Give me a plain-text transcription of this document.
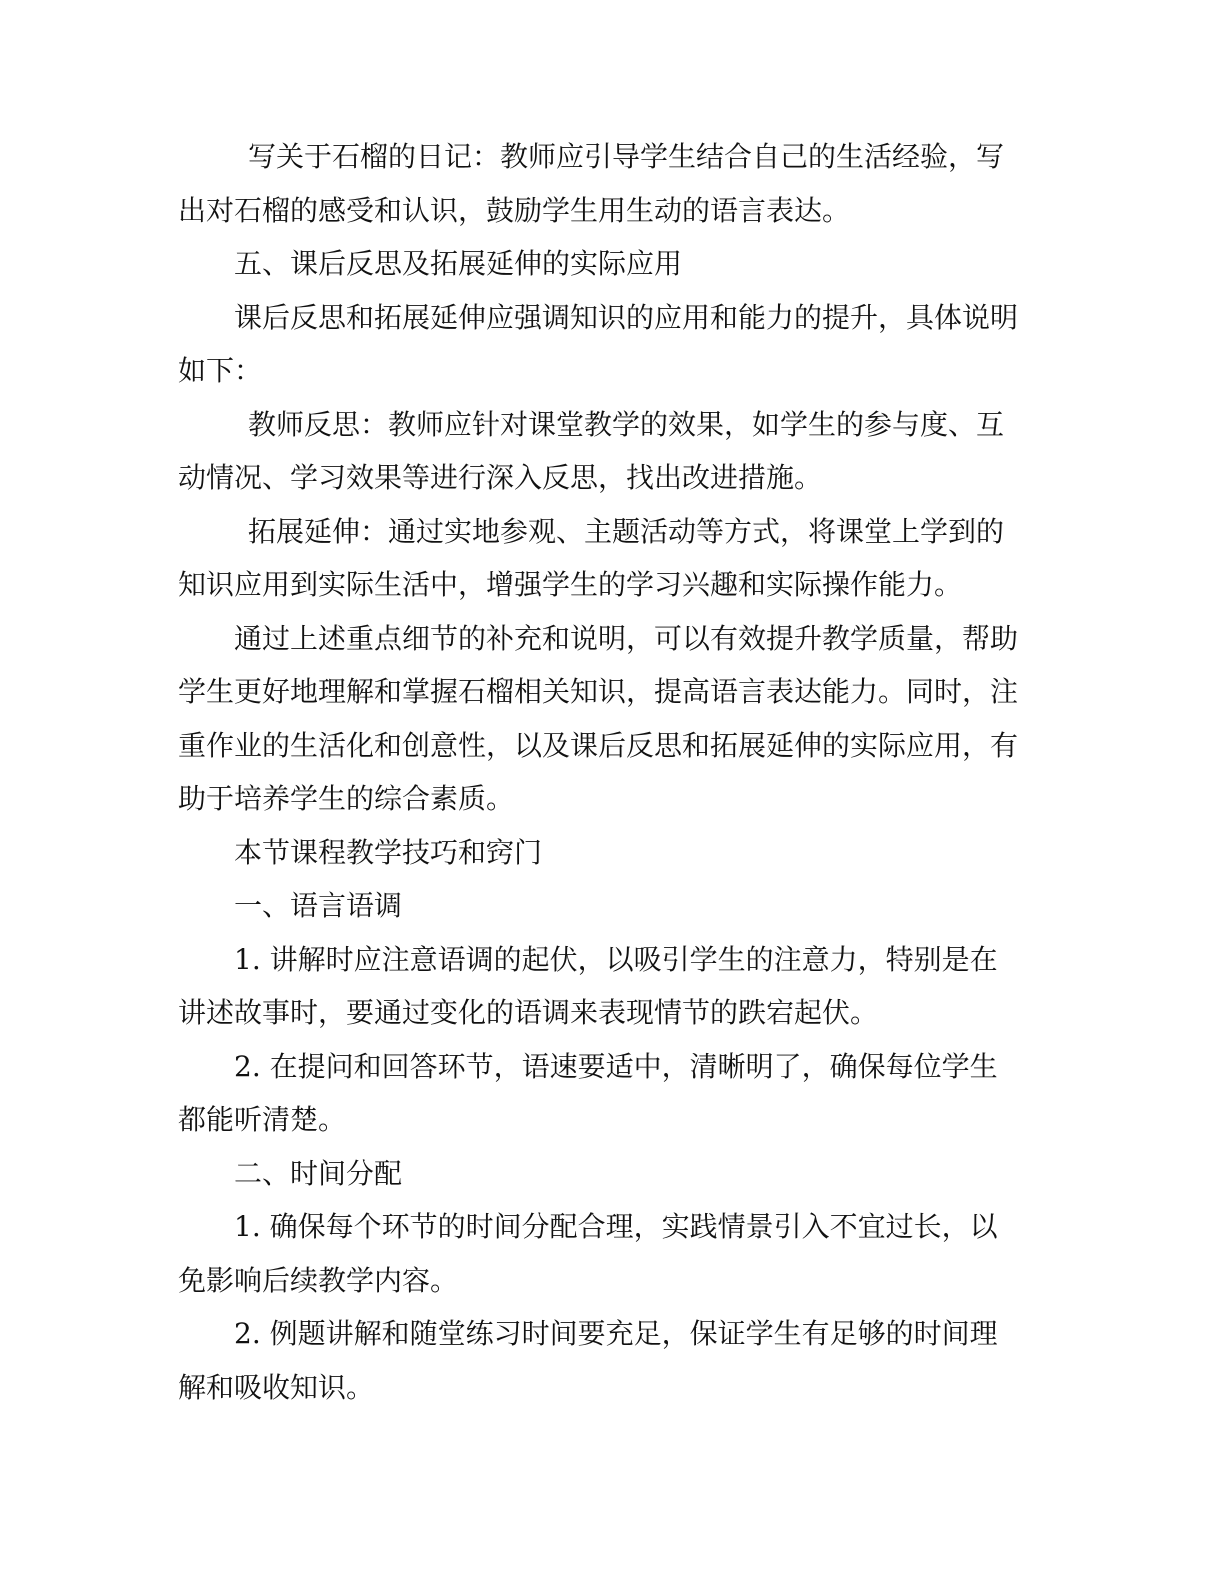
写关于石榴的日记：教师应引导学生结合自己的生活经验，写出对石榴的感受和认识，鼓励学生用生动的语言表达。

五、课后反思及拓展延伸的实际应用

课后反思和拓展延伸应强调知识的应用和能力的提升，具体说明如下：

教师反思：教师应针对课堂教学的效果，如学生的参与度、互动情况、学习效果等进行深入反思，找出改进措施。

拓展延伸：通过实地参观、主题活动等方式，将课堂上学到的知识应用到实际生活中，增强学生的学习兴趣和实际操作能力。

通过上述重点细节的补充和说明，可以有效提升教学质量，帮助学生更好地理解和掌握石榴相关知识，提高语言表达能力。同时，注重作业的生活化和创意性，以及课后反思和拓展延伸的实际应用，有助于培养学生的综合素质。

本节课程教学技巧和窍门

一、语言语调

1. 讲解时应注意语调的起伏，以吸引学生的注意力，特别是在讲述故事时，要通过变化的语调来表现情节的跌宕起伏。

2. 在提问和回答环节，语速要适中，清晰明了，确保每位学生都能听清楚。

二、时间分配

1. 确保每个环节的时间分配合理，实践情景引入不宜过长，以免影响后续教学内容。

2. 例题讲解和随堂练习时间要充足，保证学生有足够的时间理解和吸收知识。
